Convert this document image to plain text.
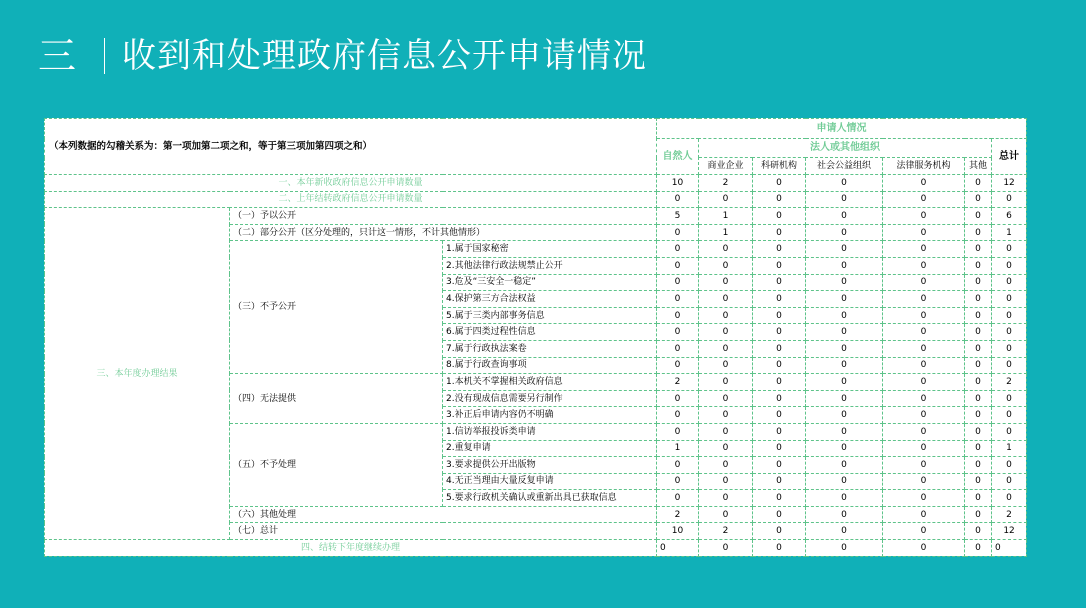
三 收到和处理政府信息公开申请情况
（本列数据的勾稽关系为：第一项加第二项之和，等于第三项加第四项之和）			申请人情况						
			自然人	法人或其他组织					总计
				商业企业	科研机构	社会公益组织	法律服务机构	其他	
一、本年新收政府信息公开申请数量			10	2	0	0	0	0	12
二、上年结转政府信息公开申请数量			0	0	0	0	0	0	0
三、本年度办理结果	（一）予以公开		5	1	0	0	0	0	6
	（二）部分公开（区分处理的，只计这一情形，不计其他情形）		0	1	0	0	0	0	1
	（三）不予公开	1.属于国家秘密	0	0	0	0	0	0	0
		2.其他法律行政法规禁止公开	0	0	0	0	0	0	0
		3.危及“三安全一稳定”	0	0	0	0	0	0	0
		4.保护第三方合法权益	0	0	0	0	0	0	0
		5.属于三类内部事务信息	0	0	0	0	0	0	0
		6.属于四类过程性信息	0	0	0	0	0	0	0
		7.属于行政执法案卷	0	0	0	0	0	0	0
		8.属于行政查询事项	0	0	0	0	0	0	0
	（四）无法提供	1.本机关不掌握相关政府信息	2	0	0	0	0	0	2
		2.没有现成信息需要另行制作	0	0	0	0	0	0	0
		3.补正后申请内容仍不明确	0	0	0	0	0	0	0
	（五）不予处理	1.信访举报投诉类申请	0	0	0	0	0	0	0
		2.重复申请	1	0	0	0	0	0	1
		3.要求提供公开出版物	0	0	0	0	0	0	0
		4.无正当理由大量反复申请	0	0	0	0	0	0	0
		5.要求行政机关确认或重新出具已获取信息	0	0	0	0	0	0	0
	（六）其他处理		2	0	0	0	0	0	2
	（七）总计		10	2	0	0	0	0	12
四、结转下年度继续办理			0	0	0	0	0	0	0
